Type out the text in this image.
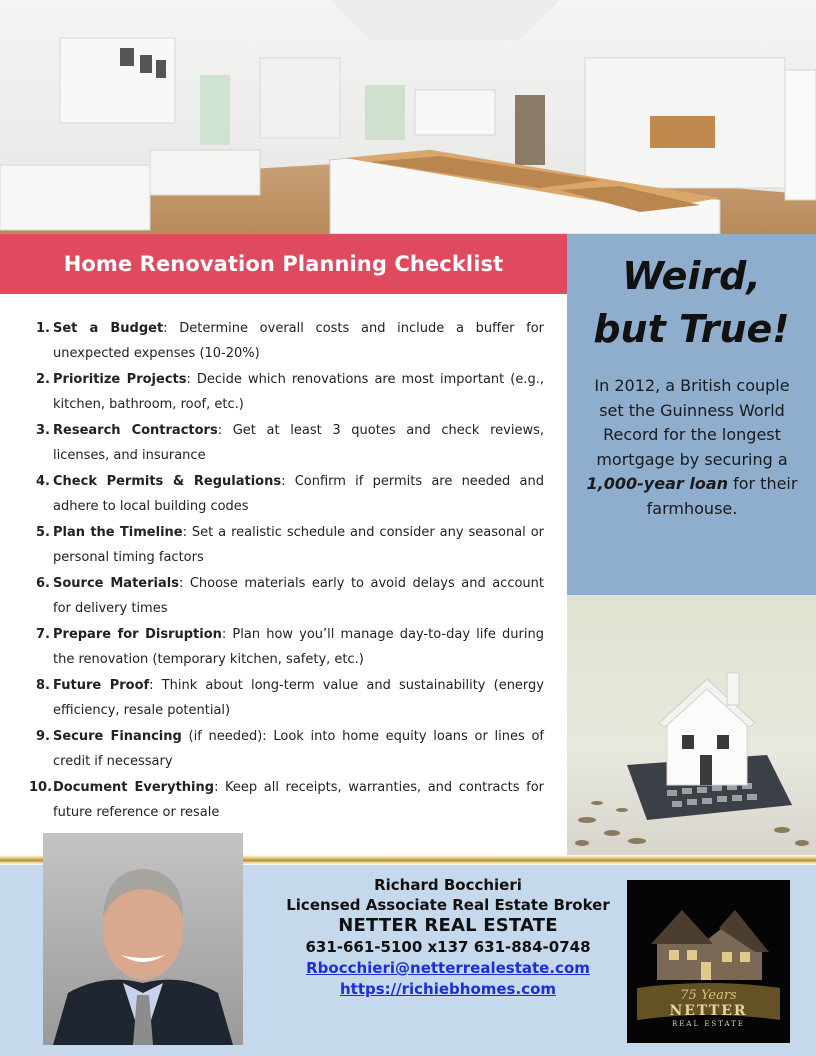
Home Renovation Planning Checklist
1. Set a Budget: Determine overall costs and include a buffer for unexpected expenses (10-20%)
2. Prioritize Projects: Decide which renovations are most important (e.g., kitchen, bathroom, roof, etc.)
3. Research Contractors: Get at least 3 quotes and check reviews, licenses, and insurance
4. Check Permits & Regulations: Confirm if permits are needed and adhere to local building codes
5. Plan the Timeline: Set a realistic schedule and consider any seasonal or personal timing factors
6. Source Materials: Choose materials early to avoid delays and account for delivery times
7. Prepare for Disruption: Plan how you’ll manage day-to-day life during the renovation (temporary kitchen, safety, etc.)
8. Future Proof: Think about long-term value and sustainability (energy efficiency, resale potential)
9. Secure Financing (if needed): Look into home equity loans or lines of credit if necessary
10. Document Everything: Keep all receipts, warranties, and contracts for future reference or resale
Weird,
but True!
In 2012, a British couple set the Guinness World Record for the longest mortgage by securing a 1,000-year loan for their farmhouse.
Richard Bocchieri
Licensed Associate Real Estate Broker
NETTER REAL ESTATE
631-661-5100 x137 631-884-0748
Rbocchieri@netterrealestate.com
https://richiebhomes.com	75 Years
NETTER
REAL ESTATE
